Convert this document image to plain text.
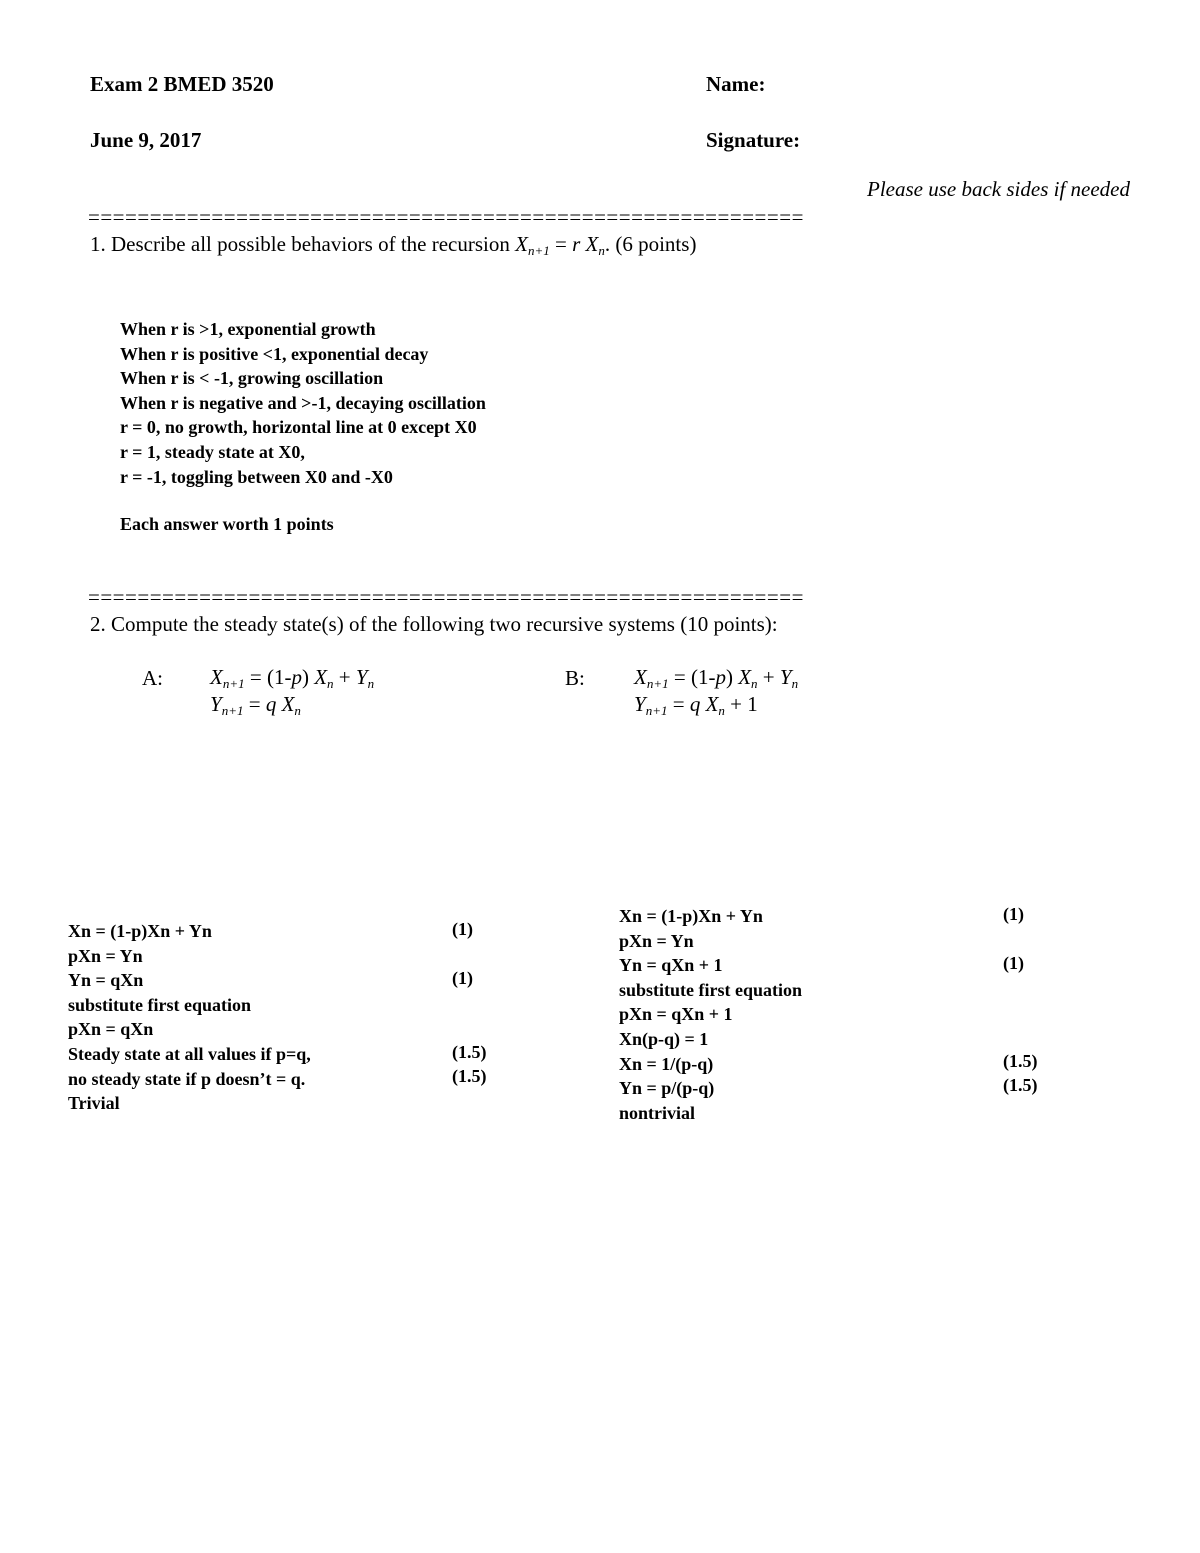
Exam 2 BMED 3520
June 9, 2017
Name:
Signature:
Please use back sides if needed
==========================================================
1. Describe all possible behaviors of the recursion $X_{n+1} = r$ $X_n$. (6 points)
When r is >1, exponential growth
When r is positive <1, exponential decay
When r is < -1, growing oscillation
When r is negative and >-1, decaying oscillation
r = 0, no growth, horizontal line at 0 except X0
r = 1, steady state at X0,
r = -1, toggling between X0 and -X0
Each answer worth 1 points
==========================================================
2. Compute the steady state(s) of the following two recursive systems (10 points):
A: $X_{n+1} = (1-p) X_n + Y_n$
$Y_{n+1} = q$ $X_n$
B: $X_{n+1} = (1-p) X_n + Y_n$
$Y_{n+1} = q$ $X_n + 1$
Xn = (1-p)Xn + Yn
pXn = Yn
Yn = qXn
substitute first equation
pXn = qXn
Steady state at all values if p=q,
no steady state if p doesn’t = q.
Trivial
(1)
(1)
(1.5)
(1.5)
Xn = (1-p)Xn + Yn
pXn = Yn
Yn = qXn + 1
substitute first equation
pXn = qXn + 1
Xn(p-q) = 1
Xn = 1/(p-q)
Yn = p/(p-q)
nontrivial
(1)
(1)
(1.5)
(1.5)
